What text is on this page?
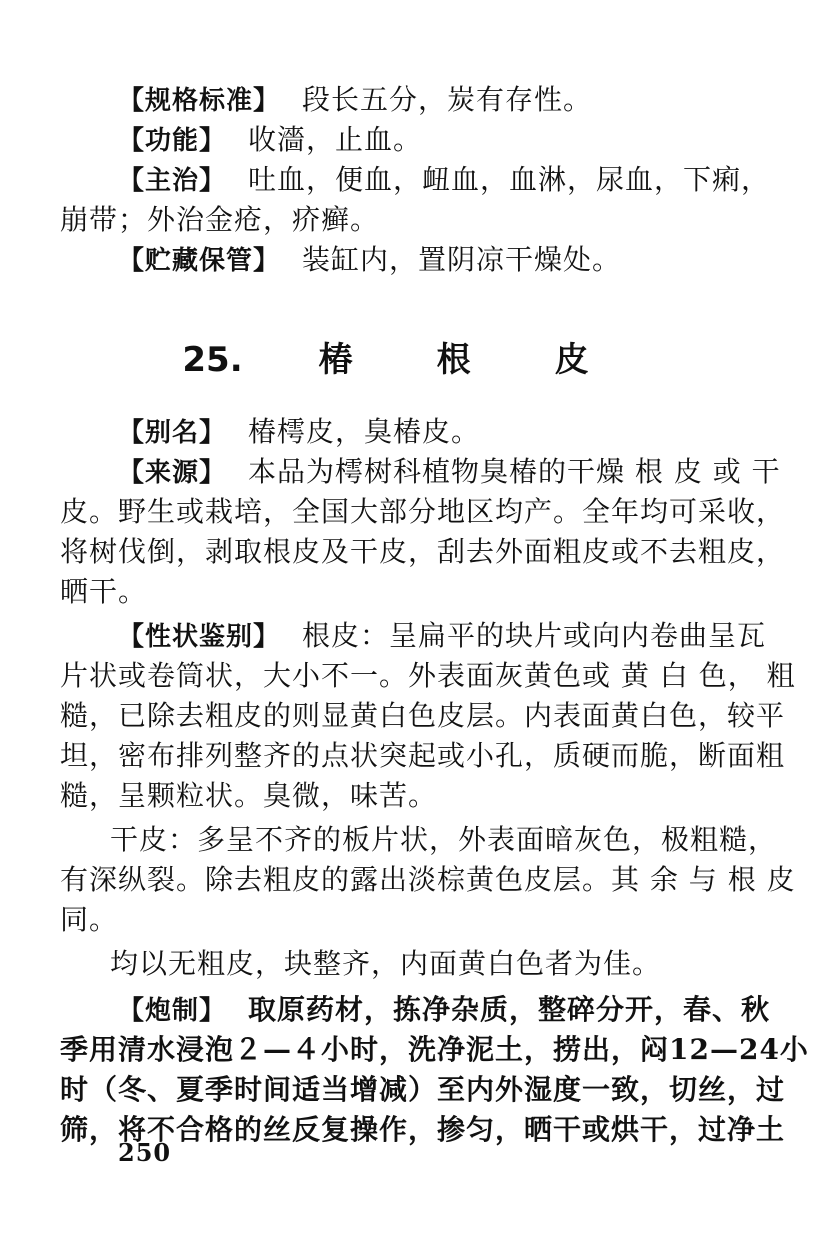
【规格标准】 段长五分，炭有存性。
【功能】 收濇，止血。
【主治】 吐血，便血，衄血，血淋，尿血，下痢，
崩带；外治金疮，疥癣。
【贮藏保管】 装缸内，置阴凉干燥处。
25. 椿 根 皮
【别名】 椿樗皮，臭椿皮。
【来源】 本品为樗树科植物臭椿的干燥 根 皮 或 干
皮。野生或栽培，全国大部分地区均产。全年均可采收，
将树伐倒，剥取根皮及干皮，刮去外面粗皮或不去粗皮，
晒干。
【性状鉴别】 根皮：呈扁平的块片或向内卷曲呈瓦
片状或卷筒状，大小不一。外表面灰黄色或 黄 白 色， 粗
糙，已除去粗皮的则显黄白色皮层。内表面黄白色，较平
坦，密布排列整齐的点状突起或小孔，质硬而脆，断面粗
糙，呈颗粒状。臭微，味苦。
干皮：多呈不齐的板片状，外表面暗灰色，极粗糙，
有深纵裂。除去粗皮的露出淡棕黄色皮层。其 余 与 根 皮
同。
均以无粗皮，块整齐，内面黄白色者为佳。
【炮制】 取原药材，拣净杂质，整碎分开，春、秋
季用清水浸泡２—４小时，洗净泥土，捞出，闷12—24小
时（冬、夏季时间适当增减）至内外湿度一致，切丝，过
筛，将不合格的丝反复操作，掺匀，晒干或烘干，过净土
250
